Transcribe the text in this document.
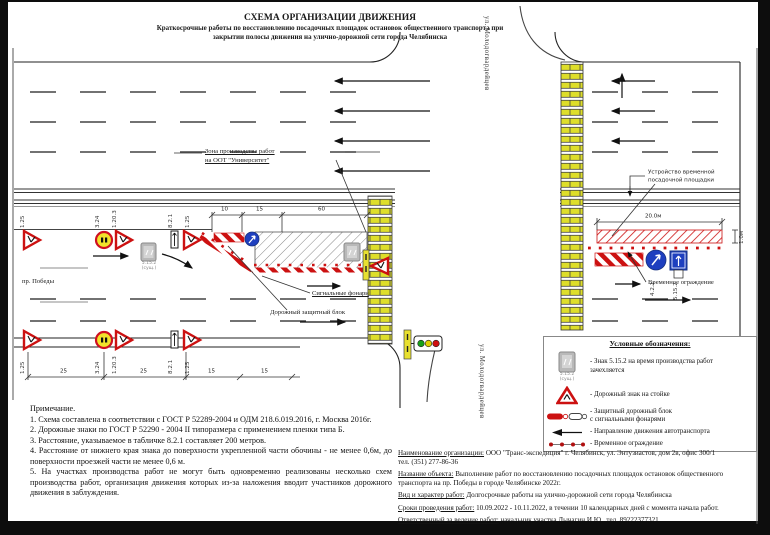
СХЕМА ОРГАНИЗАЦИИ ДВИЖЕНИЯ
Краткосрочные работы по восстановлению посадочных площадок остановок общественного транспорта при
закрытии полосы движения на улично-дорожной сети города Челябинска	ул. Молодогвардейцев
ул. Молодогвардейцев
пр. Победы
Зона производства работ
на ООТ "Университет"
Устройство временной
посадочной площадки
Сигнальные фонари
Дорожный защитный блок
Временное ограждение
10	15	60
25	25	15	15
20.0м
1.0м
1.25	3.24 1.20.3	8.2.1 1.25
1.25	3.24 1.20.3	8.2.1 1.25
5.15.2
(сущ.)
4.2.1	5.15.2
Условные обозначения:
5.15.2
(сущ.)
- Знак 5.15.2 на время производства работ
зачехляется
- Дорожный знак на стойке
- Защитный дорожный блок
с сигнальными фонарями
- Направление движения автотранспорта
- Временное ограждение

Примечание.

1. Схема составлена в соответствии с ГОСТ Р 52289-2004 и ОДМ 218.6.019.2016, г. Москва 2016г.

2. Дорожные знаки по ГОСТ Р 52290 - 2004 II типоразмера с применением пленки типа Б.

3. Расстояние, указываемое в табличке 8.2.1 составляет 200 метров.

4. Расстояние от нижнего края знака до поверхности укрепленной части обочины - не менее 0,6м, до поверхности проезжей части не менее 0,6 м.

5. На участках производства работ не могут быть одновременно реализованы несколько схем производства работ, организация движения которых из-за наложения вводит участников дорожного движения в заблуждения.

Наименование организации: ООО "Транс-экспедиция" г. Челябинск, ул. Энтузиастов, дом 2в, офис 300/1
тел. (351) 277-86-36
Название объекта: Выполнение работ по восстановлению посадочных площадок остановок общественного транспорта на пр. Победы в городе Челябинске 2022г.
Вид и характер работ: Долгосрочные работы на улично-дорожной сети города Челябинска
Сроки проведения работ: 10.09.2022 - 10.11.2022, в течении 10 календарных дней с момента начала работ.
Ответственный за ведение работ: начальник участка Лычагин И.Ю., тел. 89222377321
